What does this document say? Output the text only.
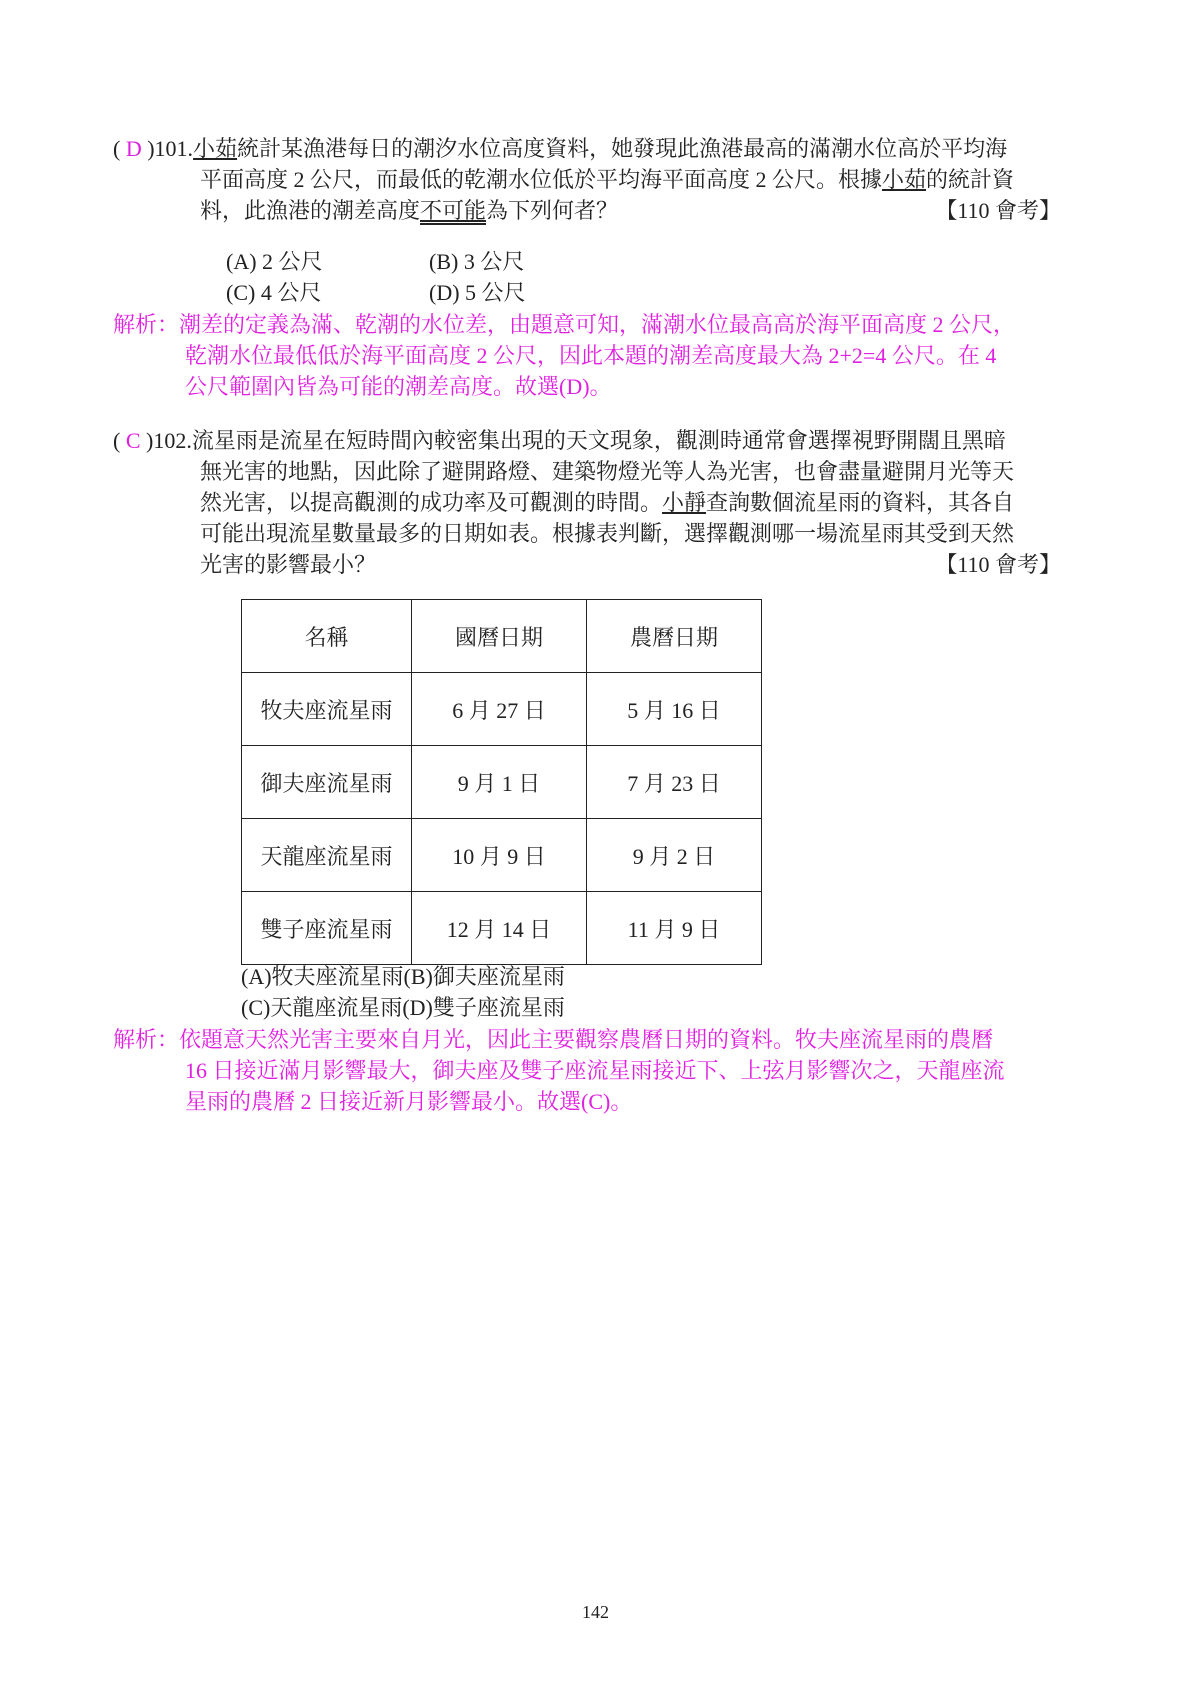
( D )101.小茹統計某漁港每日的潮汐水位高度資料，她發現此漁港最高的滿潮水位高於平均海
平面高度 2 公尺，而最低的乾潮水位低於平均海平面高度 2 公尺。根據小茹的統計資
料，此漁港的潮差高度不可能為下列何者？	【110 會考】
(A) 2 公尺	(B) 3 公尺
(C) 4 公尺	(D) 5 公尺
解析：潮差的定義為滿、乾潮的水位差，由題意可知，滿潮水位最高高於海平面高度 2 公尺，
乾潮水位最低低於海平面高度 2 公尺，因此本題的潮差高度最大為 2+2=4 公尺。在 4
公尺範圍內皆為可能的潮差高度。故選(D)。
( C )102.流星雨是流星在短時間內較密集出現的天文現象，觀測時通常會選擇視野開闊且黑暗
無光害的地點，因此除了避開路燈、建築物燈光等人為光害，也會盡量避開月光等天
然光害，以提高觀測的成功率及可觀測的時間。小靜查詢數個流星雨的資料，其各自
可能出現流星數量最多的日期如表。根據表判斷，選擇觀測哪一場流星雨其受到天然
光害的影響最小？	【110 會考】
名稱	國曆日期	農曆日期
牧夫座流星雨	6 月 27 日	5 月 16 日
御夫座流星雨	9 月 1 日	7 月 23 日
天龍座流星雨	10 月 9 日	9 月 2 日
雙子座流星雨	12 月 14 日	11 月 9 日
(A)牧夫座流星雨(B)御夫座流星雨
(C)天龍座流星雨(D)雙子座流星雨
解析：依題意天然光害主要來自月光，因此主要觀察農曆日期的資料。牧夫座流星雨的農曆
16 日接近滿月影響最大，御夫座及雙子座流星雨接近下、上弦月影響次之，天龍座流
星雨的農曆 2 日接近新月影響最小。故選(C)。
142
